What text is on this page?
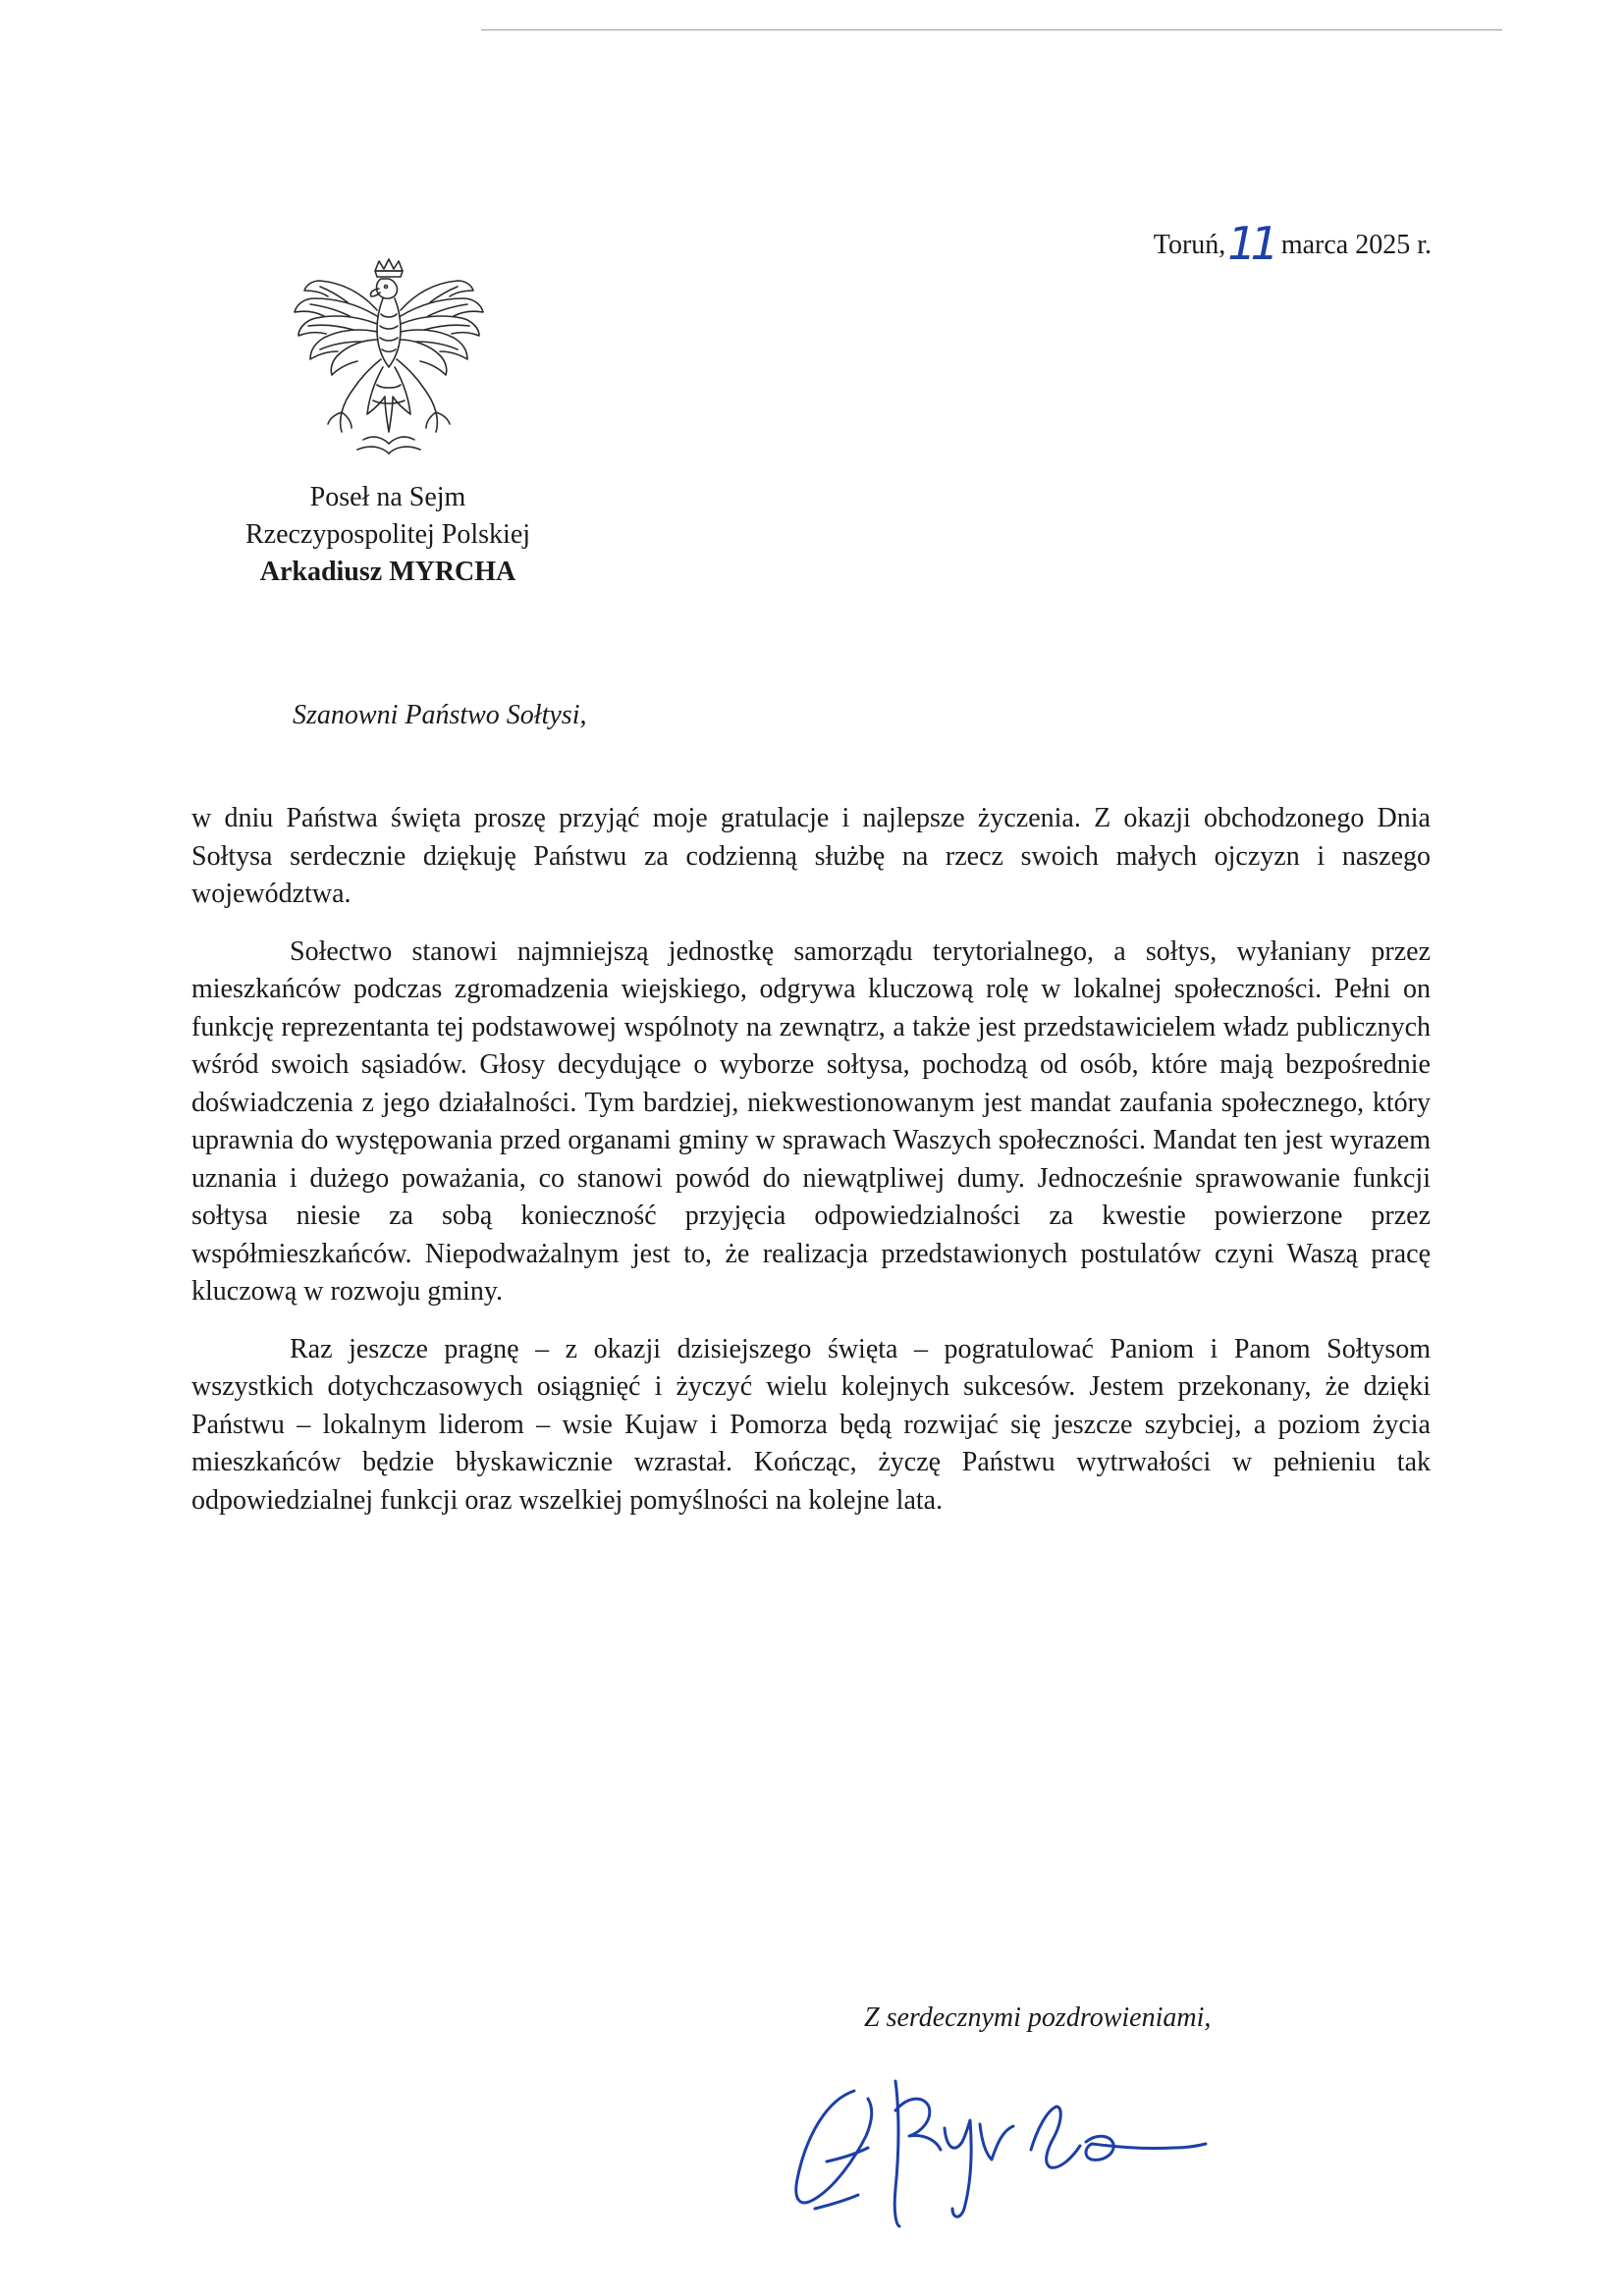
Toruń, 11 marca 2025 r.
Poseł na Sejm
Rzeczypospolitej Polskiej
Arkadiusz MYRCHA
Szanowni Państwo Sołtysi,

w dniu Państwa święta proszę przyjąć moje gratulacje i najlepsze życzenia. Z okazji obchodzonego Dnia Sołtysa serdecznie dziękuję Państwu za codzienną służbę na rzecz swoich małych ojczyzn i naszego województwa.

Sołectwo stanowi najmniejszą jednostkę samorządu terytorialnego, a sołtys, wyłaniany przez mieszkańców podczas zgromadzenia wiejskiego, odgrywa kluczową rolę w lokalnej społeczności. Pełni on funkcję reprezentanta tej podstawowej wspólnoty na zewnątrz, a także jest przedstawicielem władz publicznych wśród swoich sąsiadów. Głosy decydujące o wyborze sołtysa, pochodzą od osób, które mają bezpośrednie doświadczenia z jego działalności. Tym bardziej, niekwestionowanym jest mandat zaufania społecznego, który uprawnia do występowania przed organami gminy w sprawach Waszych społeczności. Mandat ten jest wyrazem uznania i dużego poważania, co stanowi powód do niewątpliwej dumy. Jednocześnie sprawowanie funkcji sołtysa niesie za sobą konieczność przyjęcia odpowiedzialności za kwestie powierzone przez współmieszkańców. Niepodważalnym jest to, że realizacja przedstawionych postulatów czyni Waszą pracę kluczową w rozwoju gminy.

Raz jeszcze pragnę – z okazji dzisiejszego święta – pogratulować Paniom i Panom Sołtysom wszystkich dotychczasowych osiągnięć i życzyć wielu kolejnych sukcesów. Jestem przekonany, że dzięki Państwu – lokalnym liderom – wsie Kujaw i Pomorza będą rozwijać się jeszcze szybciej, a poziom życia mieszkańców będzie błyskawicznie wzrastał. Kończąc, życzę Państwu wytrwałości w pełnieniu tak odpowiedzialnej funkcji oraz wszelkiej pomyślności na kolejne lata.

Z serdecznymi pozdrowieniami,
